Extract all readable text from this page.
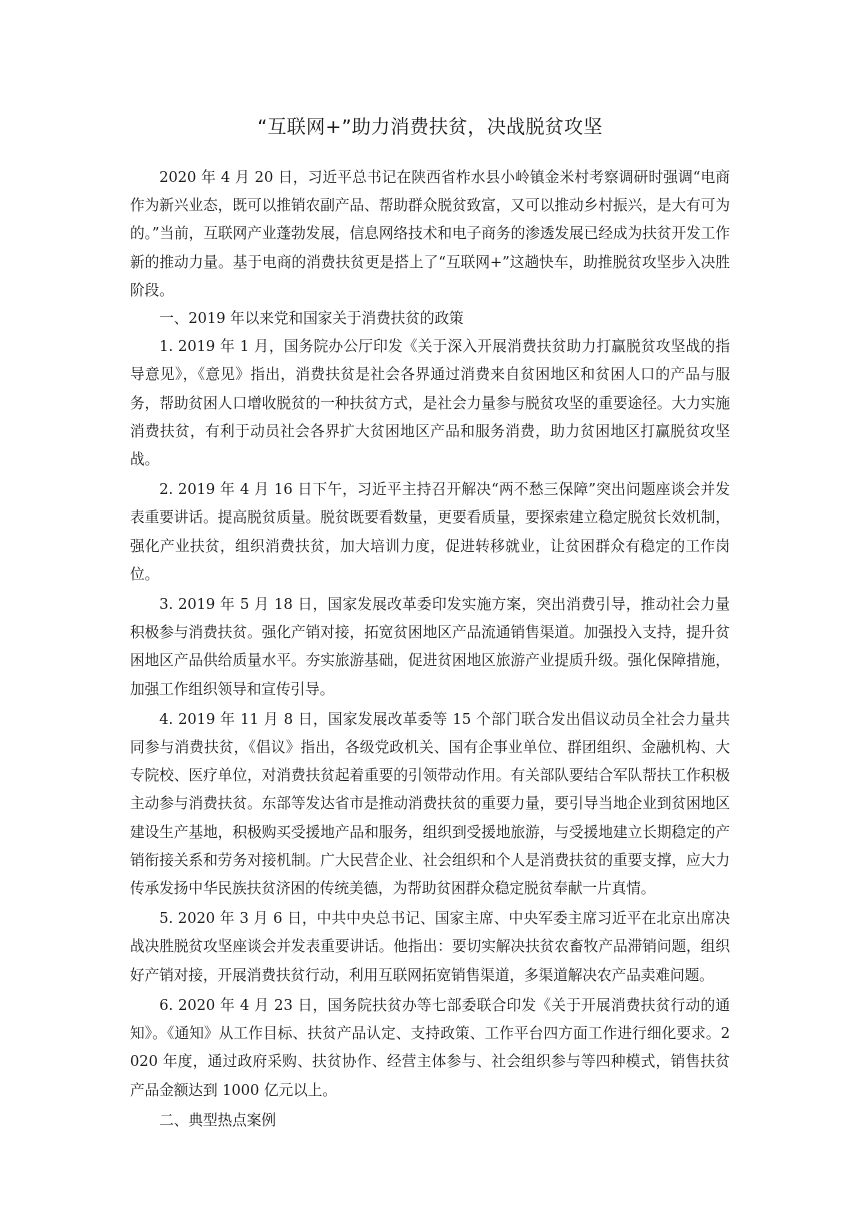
“互联网+”助力消费扶贫，决战脱贫攻坚

2020 年 4 月 20 日，习近平总书记在陕西省柞水县小岭镇金米村考察调研时强调“电商作为新兴业态，既可以推销农副产品、帮助群众脱贫致富，又可以推动乡村振兴，是大有可为的。”当前，互联网产业蓬勃发展，信息网络技术和电子商务的渗透发展已经成为扶贫开发工作新的推动力量。基于电商的消费扶贫更是搭上了“互联网+”这趟快车，助推脱贫攻坚步入决胜阶段。

一、2019 年以来党和国家关于消费扶贫的政策

1. 2019 年 1 月，国务院办公厅印发《关于深入开展消费扶贫助力打赢脱贫攻坚战的指导意见》，《意见》指出，消费扶贫是社会各界通过消费来自贫困地区和贫困人口的产品与服务，帮助贫困人口增收脱贫的一种扶贫方式，是社会力量参与脱贫攻坚的重要途径。大力实施消费扶贫，有利于动员社会各界扩大贫困地区产品和服务消费，助力贫困地区打赢脱贫攻坚战。

2. 2019 年 4 月 16 日下午，习近平主持召开解决“两不愁三保障”突出问题座谈会并发表重要讲话。提高脱贫质量。脱贫既要看数量，更要看质量，要探索建立稳定脱贫长效机制，强化产业扶贫，组织消费扶贫，加大培训力度，促进转移就业，让贫困群众有稳定的工作岗位。

3. 2019 年 5 月 18 日，国家发展改革委印发实施方案，突出消费引导，推动社会力量积极参与消费扶贫。强化产销对接，拓宽贫困地区产品流通销售渠道。加强投入支持，提升贫困地区产品供给质量水平。夯实旅游基础，促进贫困地区旅游产业提质升级。强化保障措施，加强工作组织领导和宣传引导。

4. 2019 年 11 月 8 日，国家发展改革委等 15 个部门联合发出倡议动员全社会力量共同参与消费扶贫，《倡议》指出，各级党政机关、国有企事业单位、群团组织、金融机构、大专院校、医疗单位，对消费扶贫起着重要的引领带动作用。有关部队要结合军队帮扶工作积极主动参与消费扶贫。东部等发达省市是推动消费扶贫的重要力量，要引导当地企业到贫困地区建设生产基地，积极购买受援地产品和服务，组织到受援地旅游，与受援地建立长期稳定的产销衔接关系和劳务对接机制。广大民营企业、社会组织和个人是消费扶贫的重要支撑，应大力传承发扬中华民族扶贫济困的传统美德，为帮助贫困群众稳定脱贫奉献一片真情。

5. 2020 年 3 月 6 日，中共中央总书记、国家主席、中央军委主席习近平在北京出席决战决胜脱贫攻坚座谈会并发表重要讲话。他指出：要切实解决扶贫农畜牧产品滞销问题，组织好产销对接，开展消费扶贫行动，利用互联网拓宽销售渠道，多渠道解决农产品卖难问题。

6. 2020 年 4 月 23 日，国务院扶贫办等七部委联合印发《关于开展消费扶贫行动的通知》。《通知》从工作目标、扶贫产品认定、支持政策、工作平台四方面工作进行细化要求。2020 年度，通过政府采购、扶贫协作、经营主体参与、社会组织参与等四种模式，销售扶贫产品金额达到 1000 亿元以上。

二、典型热点案例
